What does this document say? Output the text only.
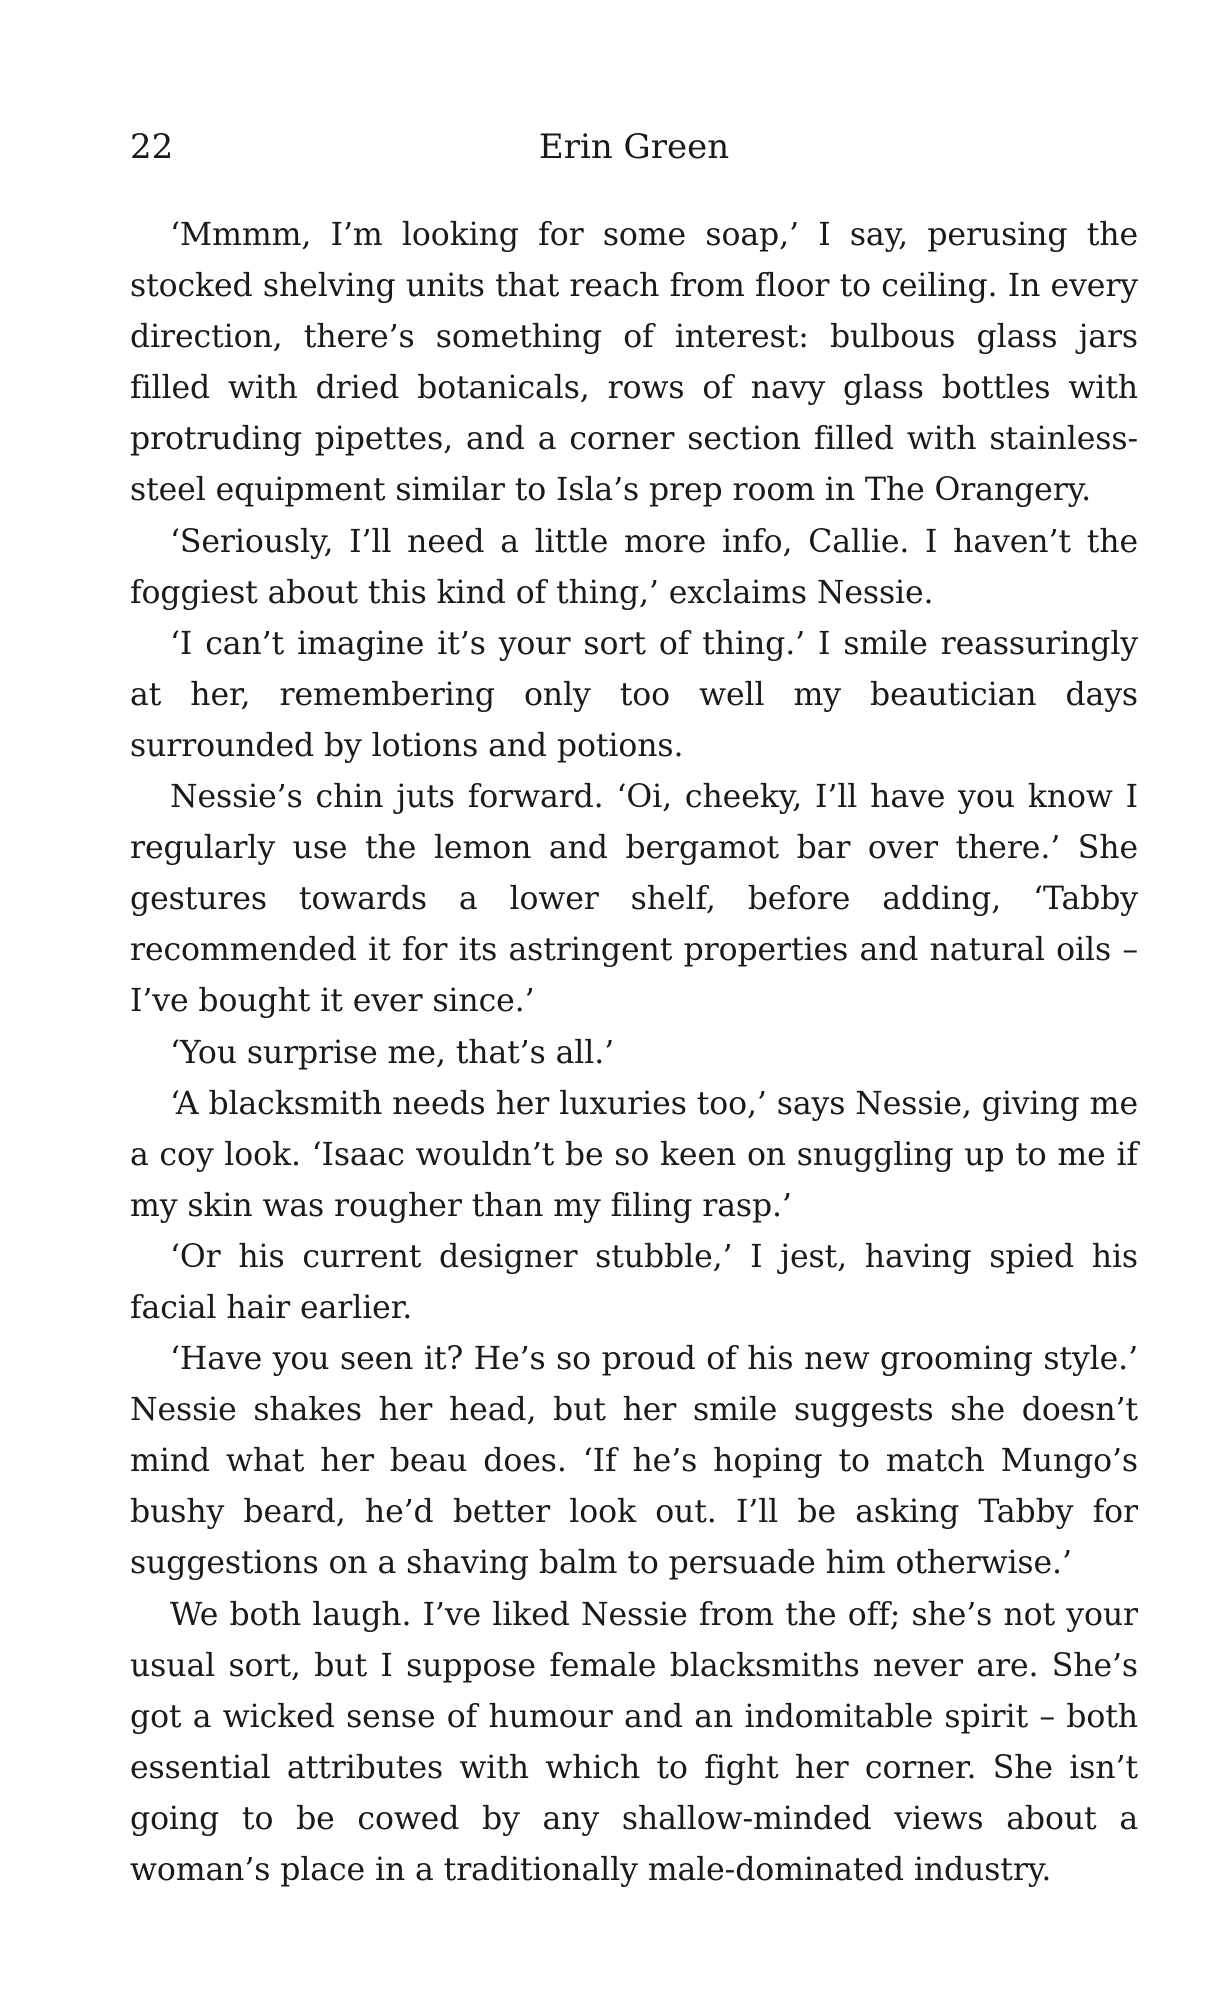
22	Erin Green

‘Mmmm, I’m looking for some soap,’ I say, perusing the stocked shelving units that reach from floor to ceiling. In every direction, there’s something of interest: bulbous glass jars filled with dried botanicals, rows of navy glass bottles with protruding pipettes, and a corner section filled with stainless-steel equipment similar to Isla’s prep room in The Orangery.

‘Seriously, I’ll need a little more info, Callie. I haven’t the foggiest about this kind of thing,’ exclaims Nessie.

‘I can’t imagine it’s your sort of thing.’ I smile reassuringly at her, remembering only too well my beautician days surrounded by lotions and potions.

Nessie’s chin juts forward. ‘Oi, cheeky, I’ll have you know I regularly use the lemon and bergamot bar over there.’ She gestures towards a lower shelf, before adding, ‘Tabby recommended it for its astringent properties and natural oils – I’ve bought it ever since.’

‘You surprise me, that’s all.’

‘A blacksmith needs her luxuries too,’ says Nessie, giving me a coy look. ‘Isaac wouldn’t be so keen on snuggling up to me if my skin was rougher than my filing rasp.’

‘Or his current designer stubble,’ I jest, having spied his facial hair earlier.

‘Have you seen it? He’s so proud of his new grooming style.’ Nessie shakes her head, but her smile suggests she doesn’t mind what her beau does. ‘If he’s hoping to match Mungo’s bushy beard, he’d better look out. I’ll be asking Tabby for suggestions on a shaving balm to persuade him otherwise.’

We both laugh. I’ve liked Nessie from the off; she’s not your usual sort, but I suppose female blacksmiths never are. She’s got a wicked sense of humour and an indomitable spirit – both essential attributes with which to fight her corner. She isn’t going to be cowed by any shallow-minded views about a woman’s place in a traditionally male-dominated industry.
